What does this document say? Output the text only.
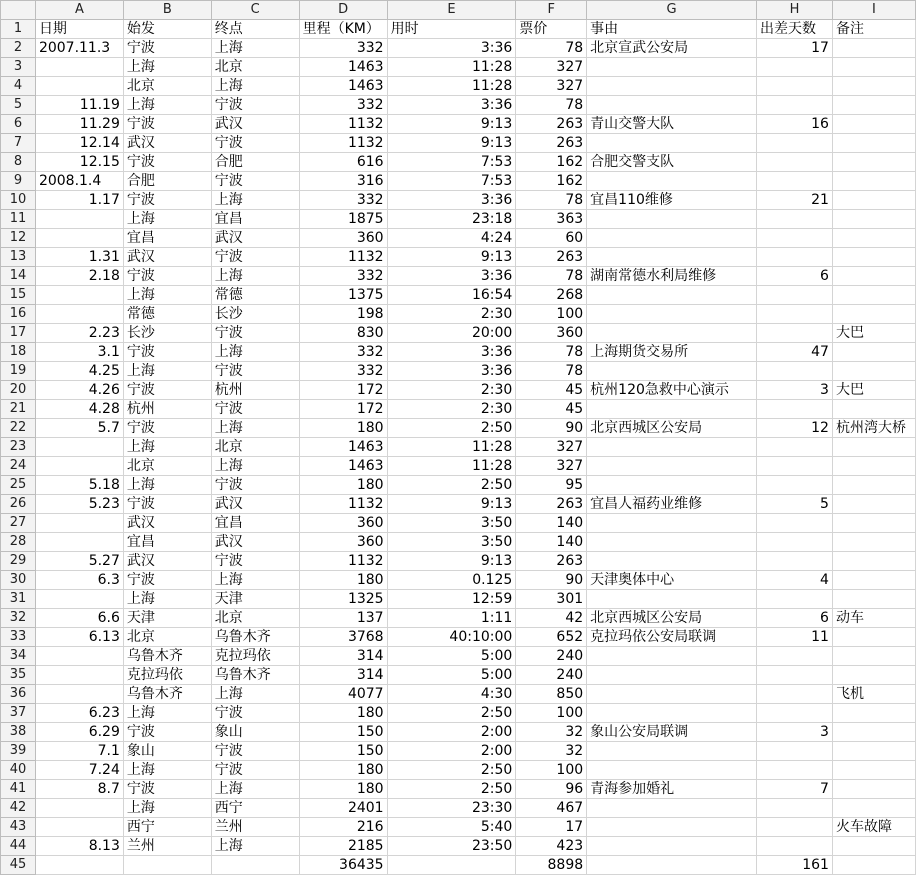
	A	B	C	D	E	F	G	H	I
1	日期	始发	终点	里程（KM）	用时	票价	事由	出差天数	备注
2	2007.11.3	宁波	上海	332	3:36	78	北京宣武公安局	17	
3		上海	北京	1463	11:28	327			
4		北京	上海	1463	11:28	327			
5	11.19	上海	宁波	332	3:36	78			
6	11.29	宁波	武汉	1132	9:13	263	青山交警大队	16	
7	12.14	武汉	宁波	1132	9:13	263			
8	12.15	宁波	合肥	616	7:53	162	合肥交警支队		
9	2008.1.4	合肥	宁波	316	7:53	162			
10	1.17	宁波	上海	332	3:36	78	宜昌110维修	21	
11		上海	宜昌	1875	23:18	363			
12		宜昌	武汉	360	4:24	60			
13	1.31	武汉	宁波	1132	9:13	263			
14	2.18	宁波	上海	332	3:36	78	湖南常德水利局维修	6	
15		上海	常德	1375	16:54	268			
16		常德	长沙	198	2:30	100			
17	2.23	长沙	宁波	830	20:00	360			大巴
18	3.1	宁波	上海	332	3:36	78	上海期货交易所	47	
19	4.25	上海	宁波	332	3:36	78			
20	4.26	宁波	杭州	172	2:30	45	杭州120急救中心演示	3	大巴
21	4.28	杭州	宁波	172	2:30	45			
22	5.7	宁波	上海	180	2:50	90	北京西城区公安局	12	杭州湾大桥
23		上海	北京	1463	11:28	327			
24		北京	上海	1463	11:28	327			
25	5.18	上海	宁波	180	2:50	95			
26	5.23	宁波	武汉	1132	9:13	263	宜昌人福药业维修	5	
27		武汉	宜昌	360	3:50	140			
28		宜昌	武汉	360	3:50	140			
29	5.27	武汉	宁波	1132	9:13	263			
30	6.3	宁波	上海	180	0.125	90	天津奥体中心	4	
31		上海	天津	1325	12:59	301			
32	6.6	天津	北京	137	1:11	42	北京西城区公安局	6	动车
33	6.13	北京	乌鲁木齐	3768	40:10:00	652	克拉玛依公安局联调	11	
34		乌鲁木齐	克拉玛依	314	5:00	240			
35		克拉玛依	乌鲁木齐	314	5:00	240			
36		乌鲁木齐	上海	4077	4:30	850			飞机
37	6.23	上海	宁波	180	2:50	100			
38	6.29	宁波	象山	150	2:00	32	象山公安局联调	3	
39	7.1	象山	宁波	150	2:00	32			
40	7.24	上海	宁波	180	2:50	100			
41	8.7	宁波	上海	180	2:50	96	青海参加婚礼	7	
42		上海	西宁	2401	23:30	467			
43		西宁	兰州	216	5:40	17			火车故障
44	8.13	兰州	上海	2185	23:50	423			
45				36435		8898		161	
